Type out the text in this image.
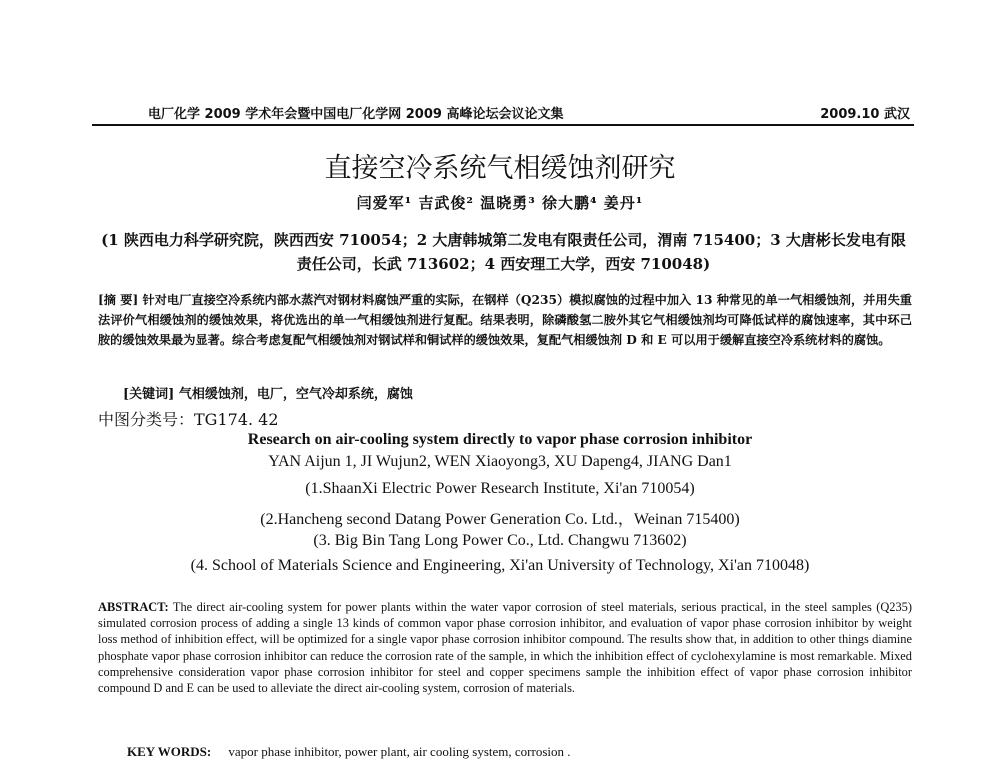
电厂化学 2009 学术年会暨中国电厂化学网 2009 高峰论坛会议论文集	2009.10 武汉
直接空冷系统气相缓蚀剂研究
闫爱军¹ 吉武俊² 温晓勇³ 徐大鹏⁴ 姜丹¹
(1 陕西电力科学研究院，陕西西安 710054；2 大唐韩城第二发电有限责任公司，渭南 715400；3 大唐彬长发电有限责任公司，长武 713602；4 西安理工大学，西安 710048)
[摘 要] 针对电厂直接空冷系统内部水蒸汽对钢材料腐蚀严重的实际，在钢样（Q235）模拟腐蚀的过程中加入 13 种常见的单一气相缓蚀剂，并用失重法评价气相缓蚀剂的缓蚀效果，将优选出的单一气相缓蚀剂进行复配。结果表明，除磷酸氢二胺外其它气相缓蚀剂均可降低试样的腐蚀速率，其中环己胺的缓蚀效果最为显著。综合考虑复配气相缓蚀剂对钢试样和铜试样的缓蚀效果，复配气相缓蚀剂 D 和 E 可以用于缓解直接空冷系统材料的腐蚀。
[关键词] 气相缓蚀剂，电厂，空气冷却系统，腐蚀
中图分类号：TG174. 42
Research on air-cooling system directly to vapor phase corrosion inhibitor
YAN Aijun 1, JI Wujun2, WEN Xiaoyong3, XU Dapeng4, JIANG Dan1
(1.ShaanXi Electric Power Research Institute, Xi'an 710054)
(2.Hancheng second Datang Power Generation Co. Ltd.，Weinan 715400)
(3. Big Bin Tang Long Power Co., Ltd. Changwu 713602)
(4. School of Materials Science and Engineering, Xi'an University of Technology, Xi'an 710048)
ABSTRACT: The direct air-cooling system for power plants within the water vapor corrosion of steel materials, serious practical, in the steel samples (Q235) simulated corrosion process of adding a single 13 kinds of common vapor phase corrosion inhibitor, and evaluation of vapor phase corrosion inhibitor by weight loss method of inhibition effect, will be optimized for a single vapor phase corrosion inhibitor compound. The results show that, in addition to other things diamine phosphate vapor phase corrosion inhibitor can reduce the corrosion rate of the sample, in which the inhibition effect of cyclohexylamine is most remarkable. Mixed comprehensive consideration vapor phase corrosion inhibitor for steel and copper specimens sample the inhibition effect of vapor phase corrosion inhibitor compound D and E can be used to alleviate the direct air-cooling system, corrosion of materials.
KEY WORDS: vapor phase inhibitor, power plant, air cooling system, corrosion .
